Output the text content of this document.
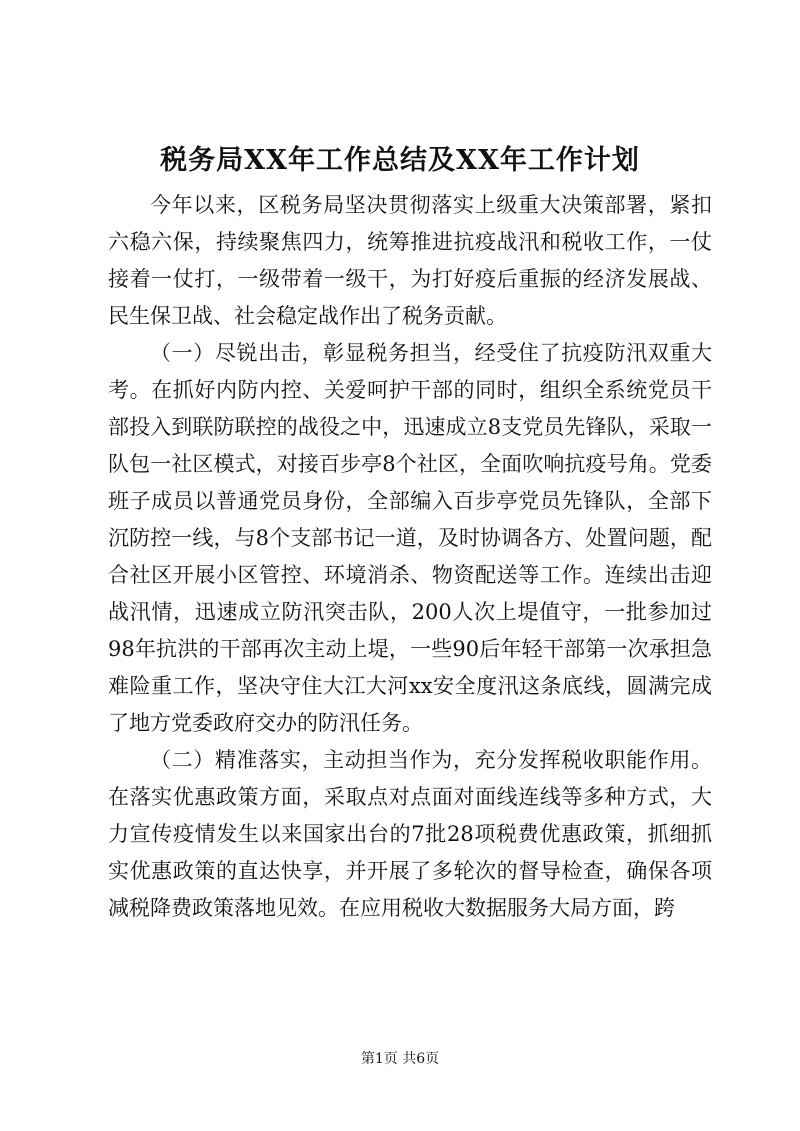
税务局XX年工作总结及XX年工作计划

今年以来，区税务局坚决贯彻落实上级重大决策部署，紧扣六稳六保，持续聚焦四力，统筹推进抗疫战汛和税收工作，一仗接着一仗打，一级带着一级干，为打好疫后重振的经济发展战、民生保卫战、社会稳定战作出了税务贡献。

（一）尽锐出击，彰显税务担当，经受住了抗疫防汛双重大考。在抓好内防内控、关爱呵护干部的同时，组织全系统党员干部投入到联防联控的战役之中，迅速成立8支党员先锋队，采取一队包一社区模式，对接百步亭8个社区，全面吹响抗疫号角。党委班子成员以普通党员身份，全部编入百步亭党员先锋队，全部下沉防控一线，与8个支部书记一道，及时协调各方、处置问题，配合社区开展小区管控、环境消杀、物资配送等工作。连续出击迎战汛情，迅速成立防汛突击队，200人次上堤值守，一批参加过98年抗洪的干部再次主动上堤，一些90后年轻干部第一次承担急难险重工作，坚决守住大江大河xx安全度汛这条底线，圆满完成了地方党委政府交办的防汛任务。

（二）精准落实，主动担当作为，充分发挥税收职能作用。在落实优惠政策方面，采取点对点面对面线连线等多种方式，大力宣传疫情发生以来国家出台的7批28项税费优惠政策，抓细抓实优惠政策的直达快享，并开展了多轮次的督导检查，确保各项减税降费政策落地见效。在应用税收大数据服务大局方面，跨

第1页 共6页
